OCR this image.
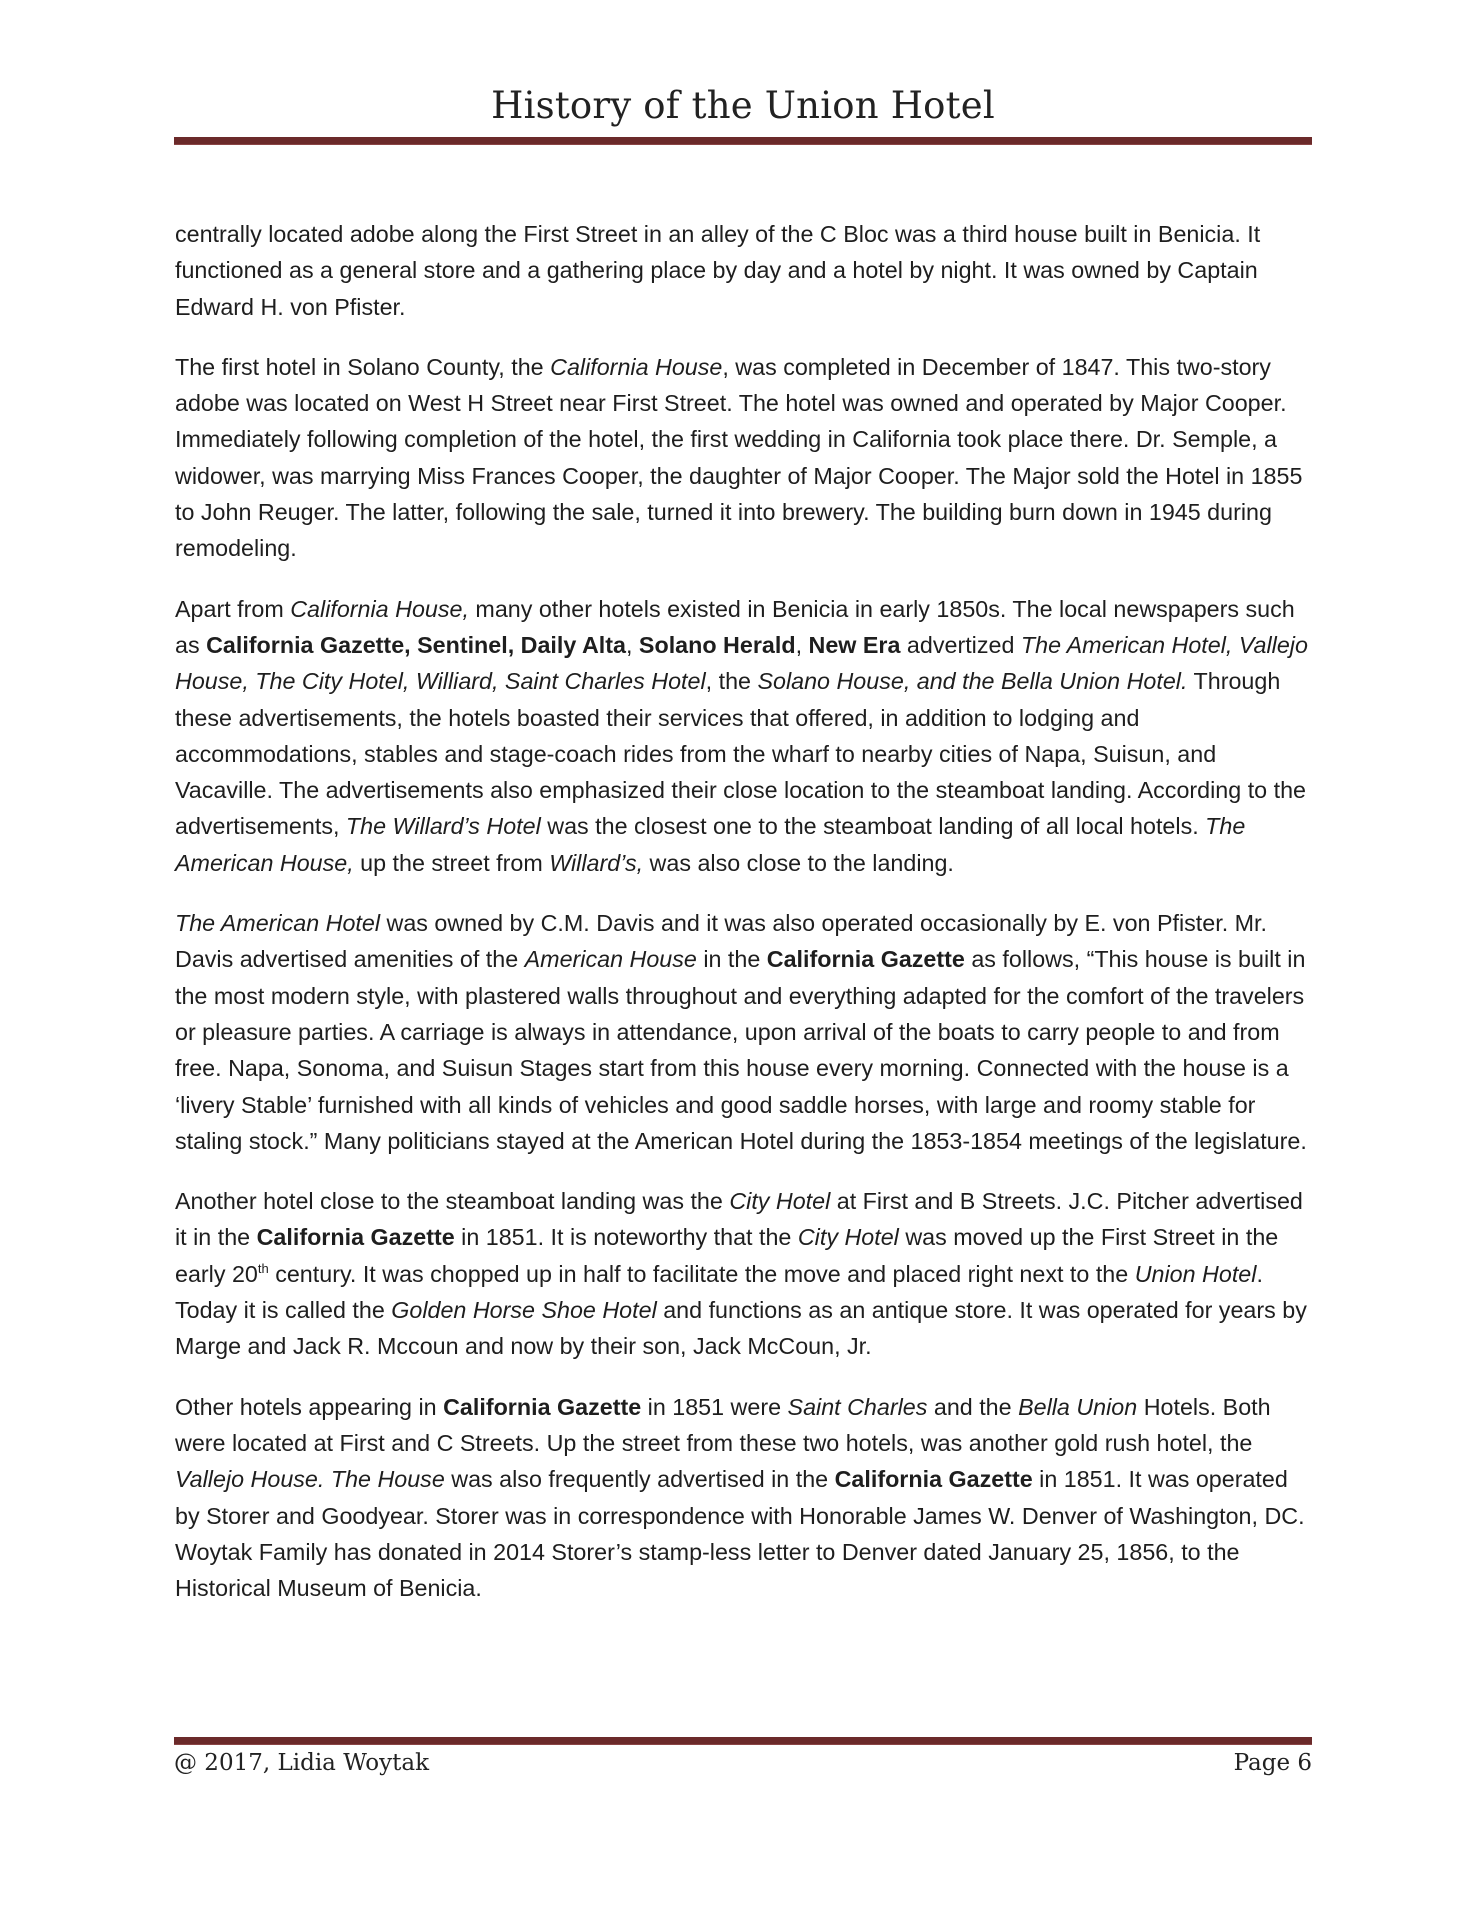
History of the Union Hotel

centrally located adobe along the First Street in an alley of the C Bloc was a third house built in Benicia. It functioned as a general store and a gathering place by day and a hotel by night. It was owned by Captain Edward H. von Pfister.

The first hotel in Solano County, the California House, was completed in December of 1847. This two-story adobe was located on West H Street near First Street. The hotel was owned and operated by Major Cooper. Immediately following completion of the hotel, the first wedding in California took place there. Dr. Semple, a widower, was marrying Miss Frances Cooper, the daughter of Major Cooper. The Major sold the Hotel in 1855 to John Reuger. The latter, following the sale, turned it into brewery. The building burn down in 1945 during remodeling.

Apart from California House, many other hotels existed in Benicia in early 1850s. The local newspapers such as California Gazette, Sentinel, Daily Alta, Solano Herald, New Era advertized The American Hotel, Vallejo House, The City Hotel, Williard, Saint Charles Hotel, the Solano House, and the Bella Union Hotel. Through these advertisements, the hotels boasted their services that offered, in addition to lodging and accommodations, stables and stage-coach rides from the wharf to nearby cities of Napa, Suisun, and Vacaville. The advertisements also emphasized their close location to the steamboat landing. According to the advertisements, The Willard’s Hotel was the closest one to the steamboat landing of all local hotels. The American House, up the street from Willard’s, was also close to the landing.

The American Hotel was owned by C.M. Davis and it was also operated occasionally by E. von Pfister. Mr. Davis advertised amenities of the American House in the California Gazette as follows, “This house is built in the most modern style, with plastered walls throughout and everything adapted for the comfort of the travelers or pleasure parties. A carriage is always in attendance, upon arrival of the boats to carry people to and from free. Napa, Sonoma, and Suisun Stages start from this house every morning. Connected with the house is a ‘livery Stable’ furnished with all kinds of vehicles and good saddle horses, with large and roomy stable for staling stock.” Many politicians stayed at the American Hotel during the 1853-1854 meetings of the legislature.

Another hotel close to the steamboat landing was the City Hotel at First and B Streets. J.C. Pitcher advertised it in the California Gazette in 1851. It is noteworthy that the City Hotel was moved up the First Street in the early 20th century. It was chopped up in half to facilitate the move and placed right next to the Union Hotel. Today it is called the Golden Horse Shoe Hotel and functions as an antique store. It was operated for years by Marge and Jack R. Mccoun and now by their son, Jack McCoun, Jr.

Other hotels appearing in California Gazette in 1851 were Saint Charles and the Bella Union Hotels. Both were located at First and C Streets. Up the street from these two hotels, was another gold rush hotel, the Vallejo House. The House was also frequently advertised in the California Gazette in 1851. It was operated by Storer and Goodyear. Storer was in correspondence with Honorable James W. Denver of Washington, DC. Woytak Family has donated in 2014 Storer’s stamp-less letter to Denver dated January 25, 1856, to the Historical Museum of Benicia.

@ 2017, Lidia Woytak	Page 6
